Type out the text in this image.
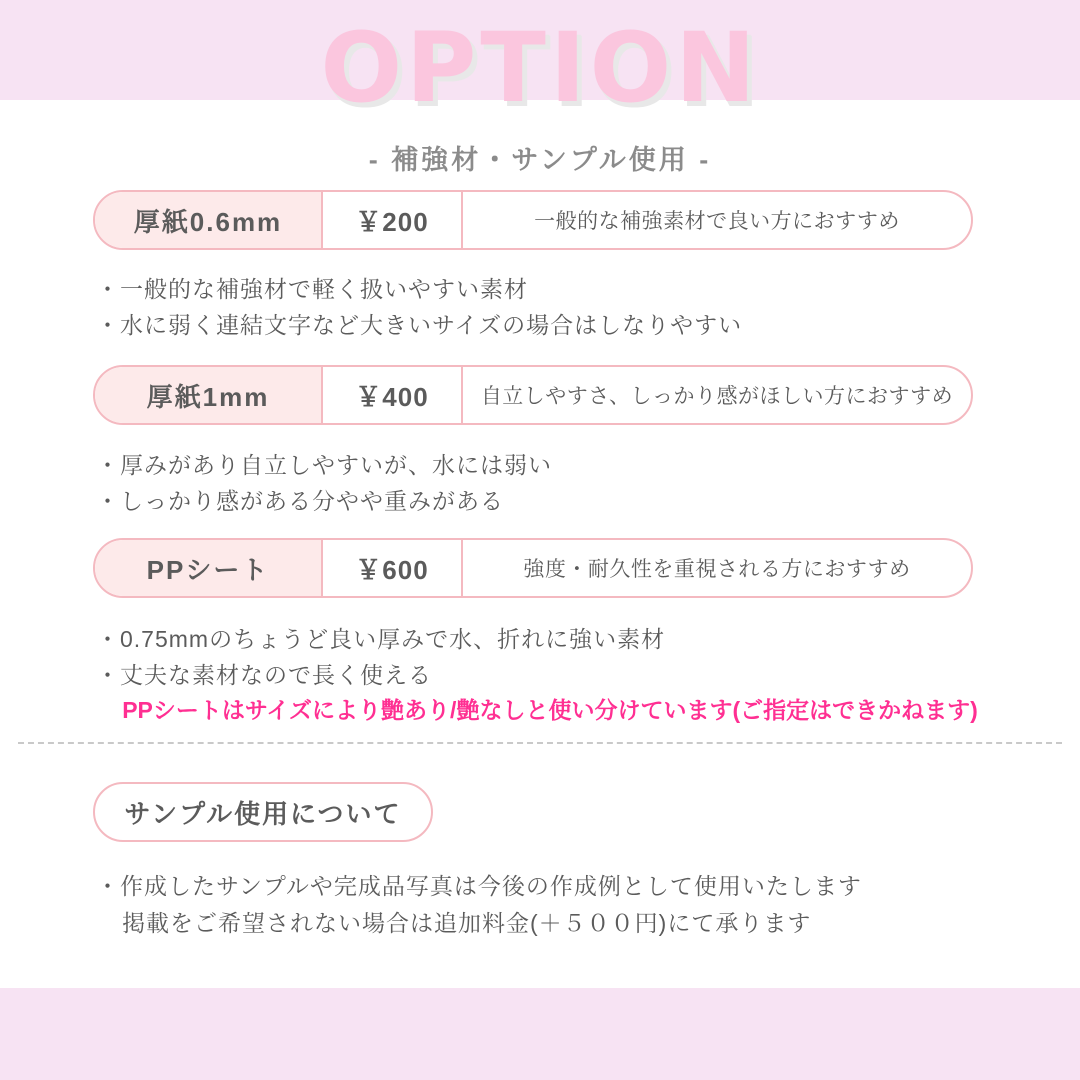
OPTION
‐ 補強材・サンプル使用 ‐
厚紙0.6mm	￥200	一般的な補強素材で良い方におすすめ
・一般的な補強材で軽く扱いやすい素材
・水に弱く連結文字など大きいサイズの場合はしなりやすい
厚紙1mm	￥400	自立しやすさ、しっかり感がほしい方におすすめ
・厚みがあり自立しやすいが、水には弱い
・しっかり感がある分やや重みがある
PPシート	￥600	強度・耐久性を重視される方におすすめ
・0.75mmのちょうど良い厚みで水、折れに強い素材
・丈夫な素材なので長く使える
PPシートはサイズにより艶あり/艶なしと使い分けています(ご指定はできかねます)
サンプル使用について
・作成したサンプルや完成品写真は今後の作成例として使用いたします
掲載をご希望されない場合は追加料金(＋５００円)にて承ります
